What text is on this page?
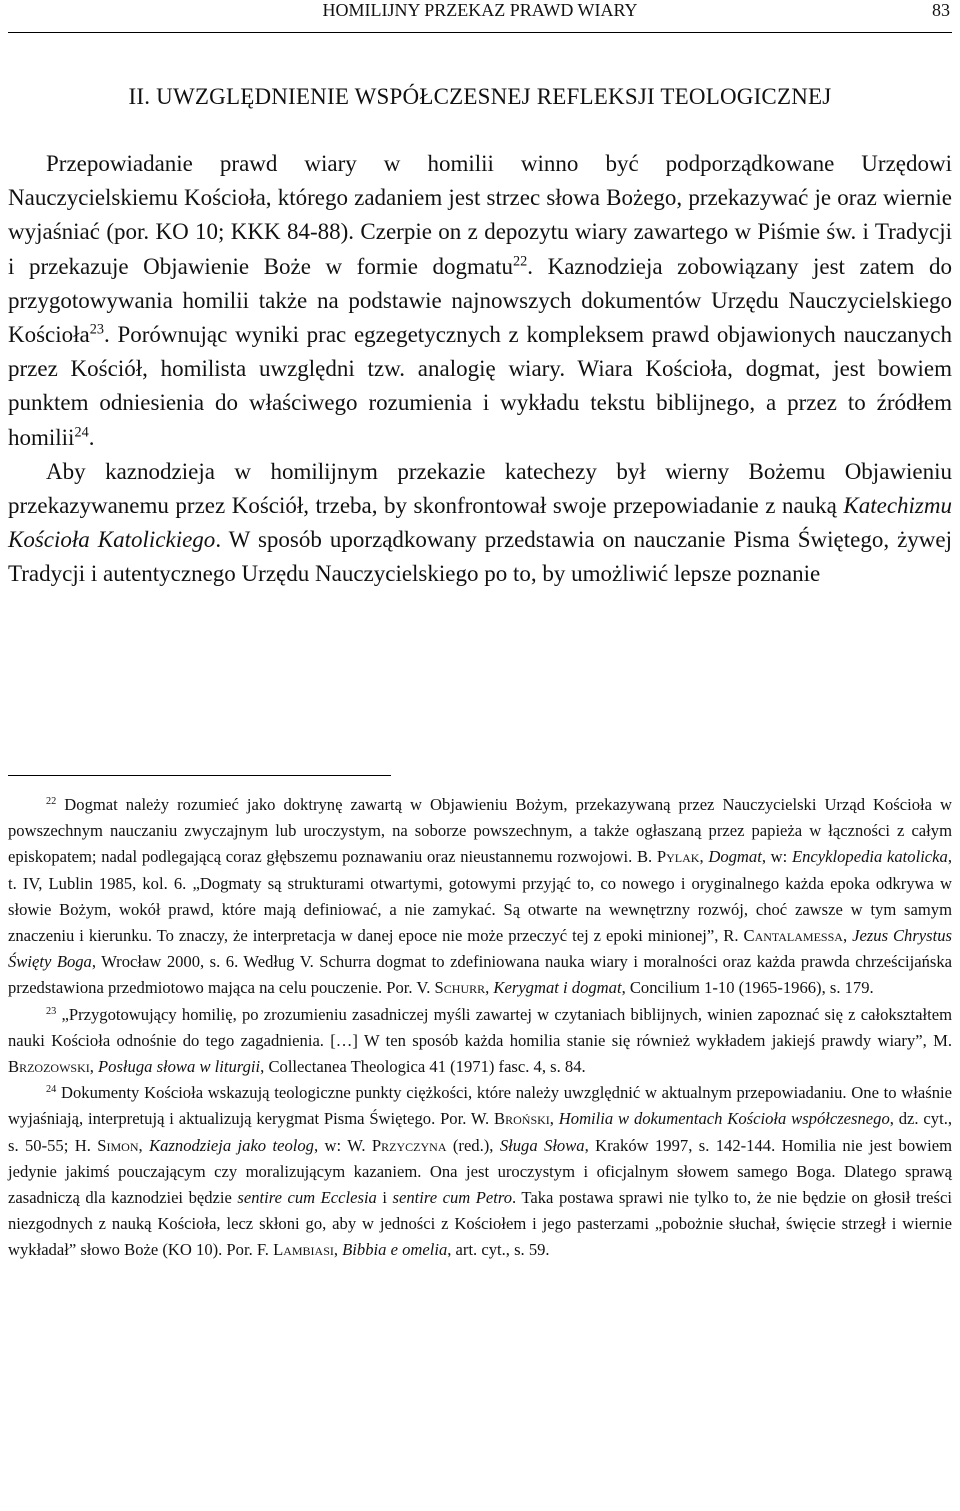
HOMILIJNY PRZEKAZ PRAWD WIARY	83
II. UWZGLĘDNIENIE WSPÓŁCZESNEJ REFLEKSJI TEOLOGICZNEJ

Przepowiadanie prawd wiary w homilii winno być podporządkowane Urzędowi Nauczycielskiemu Kościoła, którego zadaniem jest strzec słowa Bożego, przekazywać je oraz wiernie wyjaśniać (por. KO 10; KKK 84-88). Czerpie on z depozytu wiary zawartego w Piśmie św. i Tradycji i przekazuje Objawienie Boże w formie dogmatu$^{22}$. Kaznodzieja zobowiązany jest zatem do przygotowywania homilii także na podstawie najnowszych dokumentów Urzędu Nauczycielskiego Kościoła$^{23}$. Porównując wyniki prac egzegetycznych z kompleksem prawd objawionych nauczanych przez Kościół, homilista uwzględni tzw. analogię wiary. Wiara Kościoła, dogmat, jest bowiem punktem odniesienia do właściwego rozumienia i wykładu tekstu biblijnego, a przez to źródłem homilii$^{24}$.

Aby kaznodzieja w homilijnym przekazie katechezy był wierny Bożemu Objawieniu przekazywanemu przez Kościół, trzeba, by skonfrontował swoje przepowiadanie z nauką Katechizmu Kościoła Katolickiego. W sposób uporządkowany przedstawia on nauczanie Pisma Świętego, żywej Tradycji i autentycznego Urzędu Nauczycielskiego po to, by umożliwić lepsze poznanie

$^{22}$ Dogmat należy rozumieć jako doktrynę zawartą w Objawieniu Bożym, przekazywaną przez Nauczycielski Urząd Kościoła w powszechnym nauczaniu zwyczajnym lub uroczystym, na soborze powszechnym, a także ogłaszaną przez papieża w łączności z całym episkopatem; nadal podlegającą coraz głębszemu poznawaniu oraz nieustannemu rozwojowi. B. Pylak, Dogmat, w: Encyklopedia katolicka, t. IV, Lublin 1985, kol. 6. „Dogmaty są strukturami otwartymi, gotowymi przyjąć to, co nowego i oryginalnego każda epoka odkrywa w słowie Bożym, wokół prawd, które mają definiować, a nie zamykać. Są otwarte na wewnętrzny rozwój, choć zawsze w tym samym znaczeniu i kierunku. To znaczy, że interpretacja w danej epoce nie może przeczyć tej z epoki minionej”, R. Cantalamessa, Jezus Chrystus Święty Boga, Wrocław 2000, s. 6. Według V. Schurra dogmat to zdefiniowana nauka wiary i moralności oraz każda prawda chrześcijańska przedstawiona przedmiotowo mająca na celu pouczenie. Por. V. Schurr, Kerygmat i dogmat, Concilium 1-10 (1965-1966), s. 179.

$^{23}$ „Przygotowujący homilię, po zrozumieniu zasadniczej myśli zawartej w czytaniach biblijnych, winien zapoznać się z całokształtem nauki Kościoła odnośnie do tego zagadnienia. […] W ten sposób każda homilia stanie się również wykładem jakiejś prawdy wiary”, M. Brzozowski, Posługa słowa w liturgii, Collectanea Theologica 41 (1971) fasc. 4, s. 84.

$^{24}$ Dokumenty Kościoła wskazują teologiczne punkty ciężkości, które należy uwzględnić w aktualnym przepowiadaniu. One to właśnie wyjaśniają, interpretują i aktualizują kerygmat Pisma Świętego. Por. W. Broński, Homilia w dokumentach Kościoła współczesnego, dz. cyt., s. 50-55; H. Simon, Kaznodzieja jako teolog, w: W. Przyczyna (red.), Sługa Słowa, Kraków 1997, s. 142-144. Homilia nie jest bowiem jedynie jakimś pouczającym czy moralizującym kazaniem. Ona jest uroczystym i oficjalnym słowem samego Boga. Dlatego sprawą zasadniczą dla kaznodziei będzie sentire cum Ecclesia i sentire cum Petro. Taka postawa sprawi nie tylko to, że nie będzie on głosił treści niezgodnych z nauką Kościoła, lecz skłoni go, aby w jedności z Kościołem i jego pasterzami „pobożnie słuchał, święcie strzegł i wiernie wykładał” słowo Boże (KO 10). Por. F. Lambiasi, Bibbia e omelia, art. cyt., s. 59.
